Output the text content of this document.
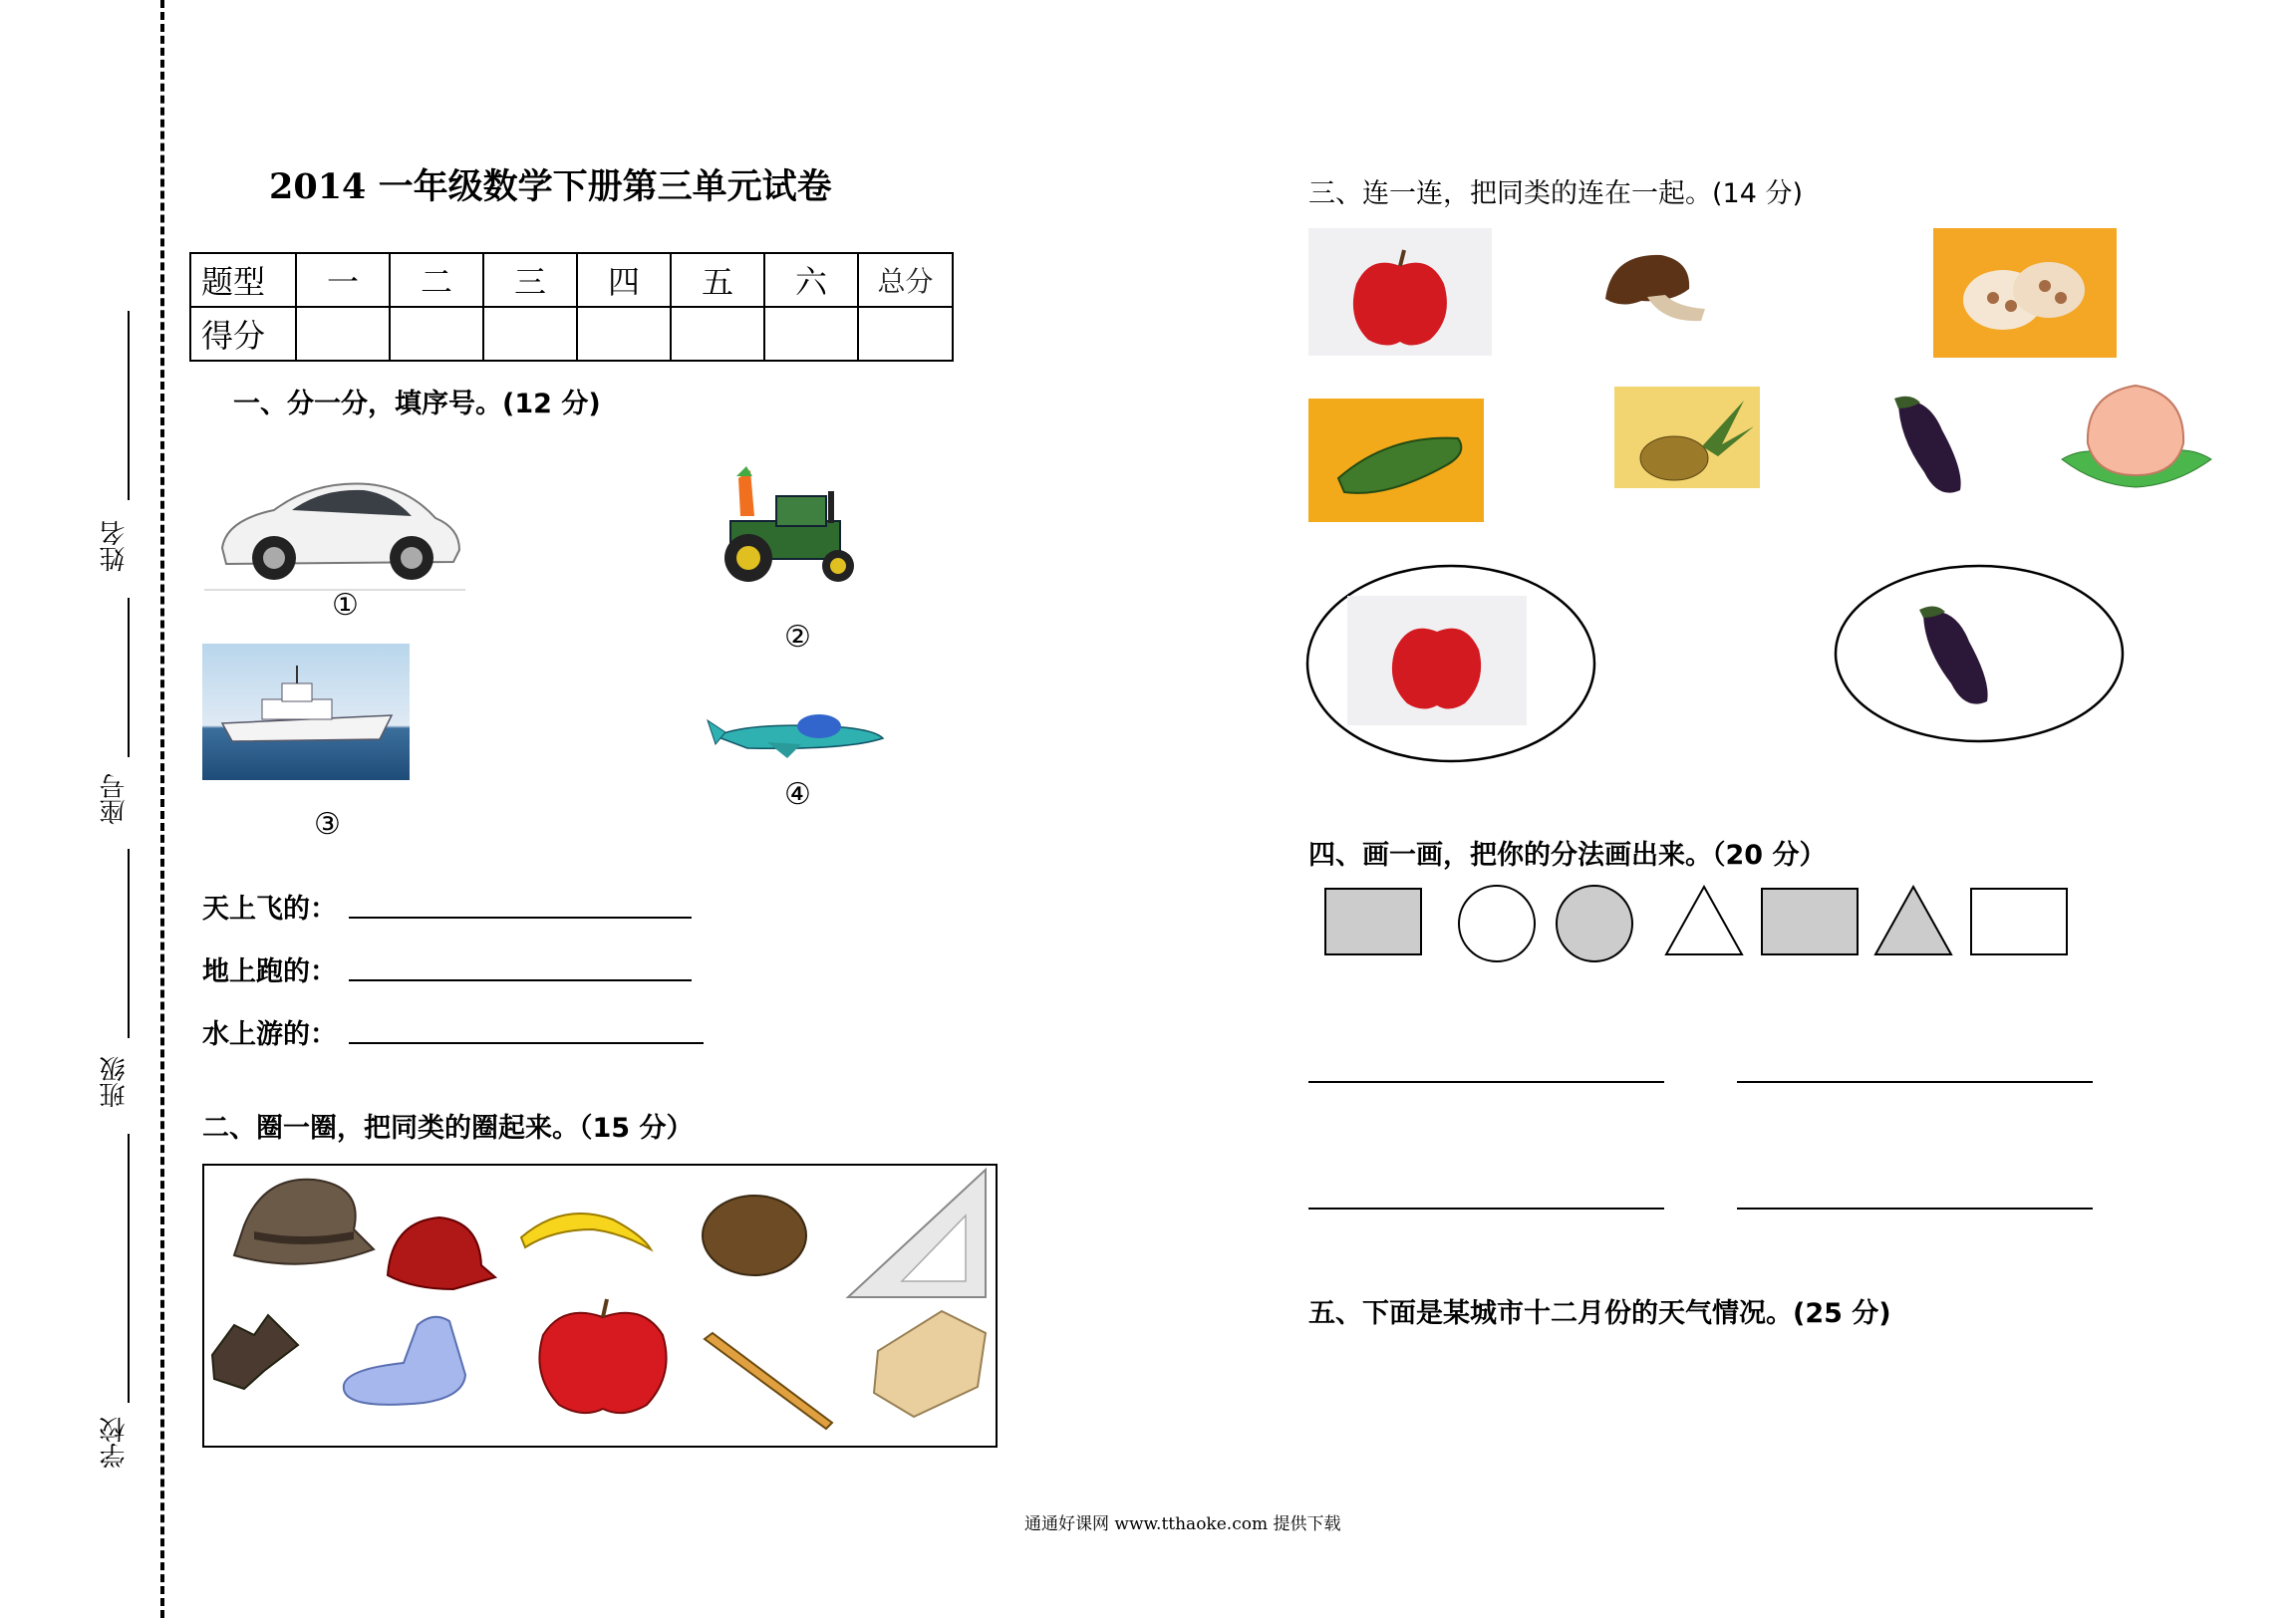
姓名
座号
班级
学校
2014 一年级数学下册第三单元试卷
题型	一	二	三	四	五	六	总分
得分							
一、分一分，填序号。(12 分)
①
②
③
④
天上飞的：
地上跑的：
水上游的：
二、圈一圈，把同类的圈起来。（15 分）
三、连一连，把同类的连在一起。(14 分)
四、画一画，把你的分法画出来。（20 分）
五、下面是某城市十二月份的天气情况。(25 分)
通通好课网 www.tthaoke.com 提供下载
